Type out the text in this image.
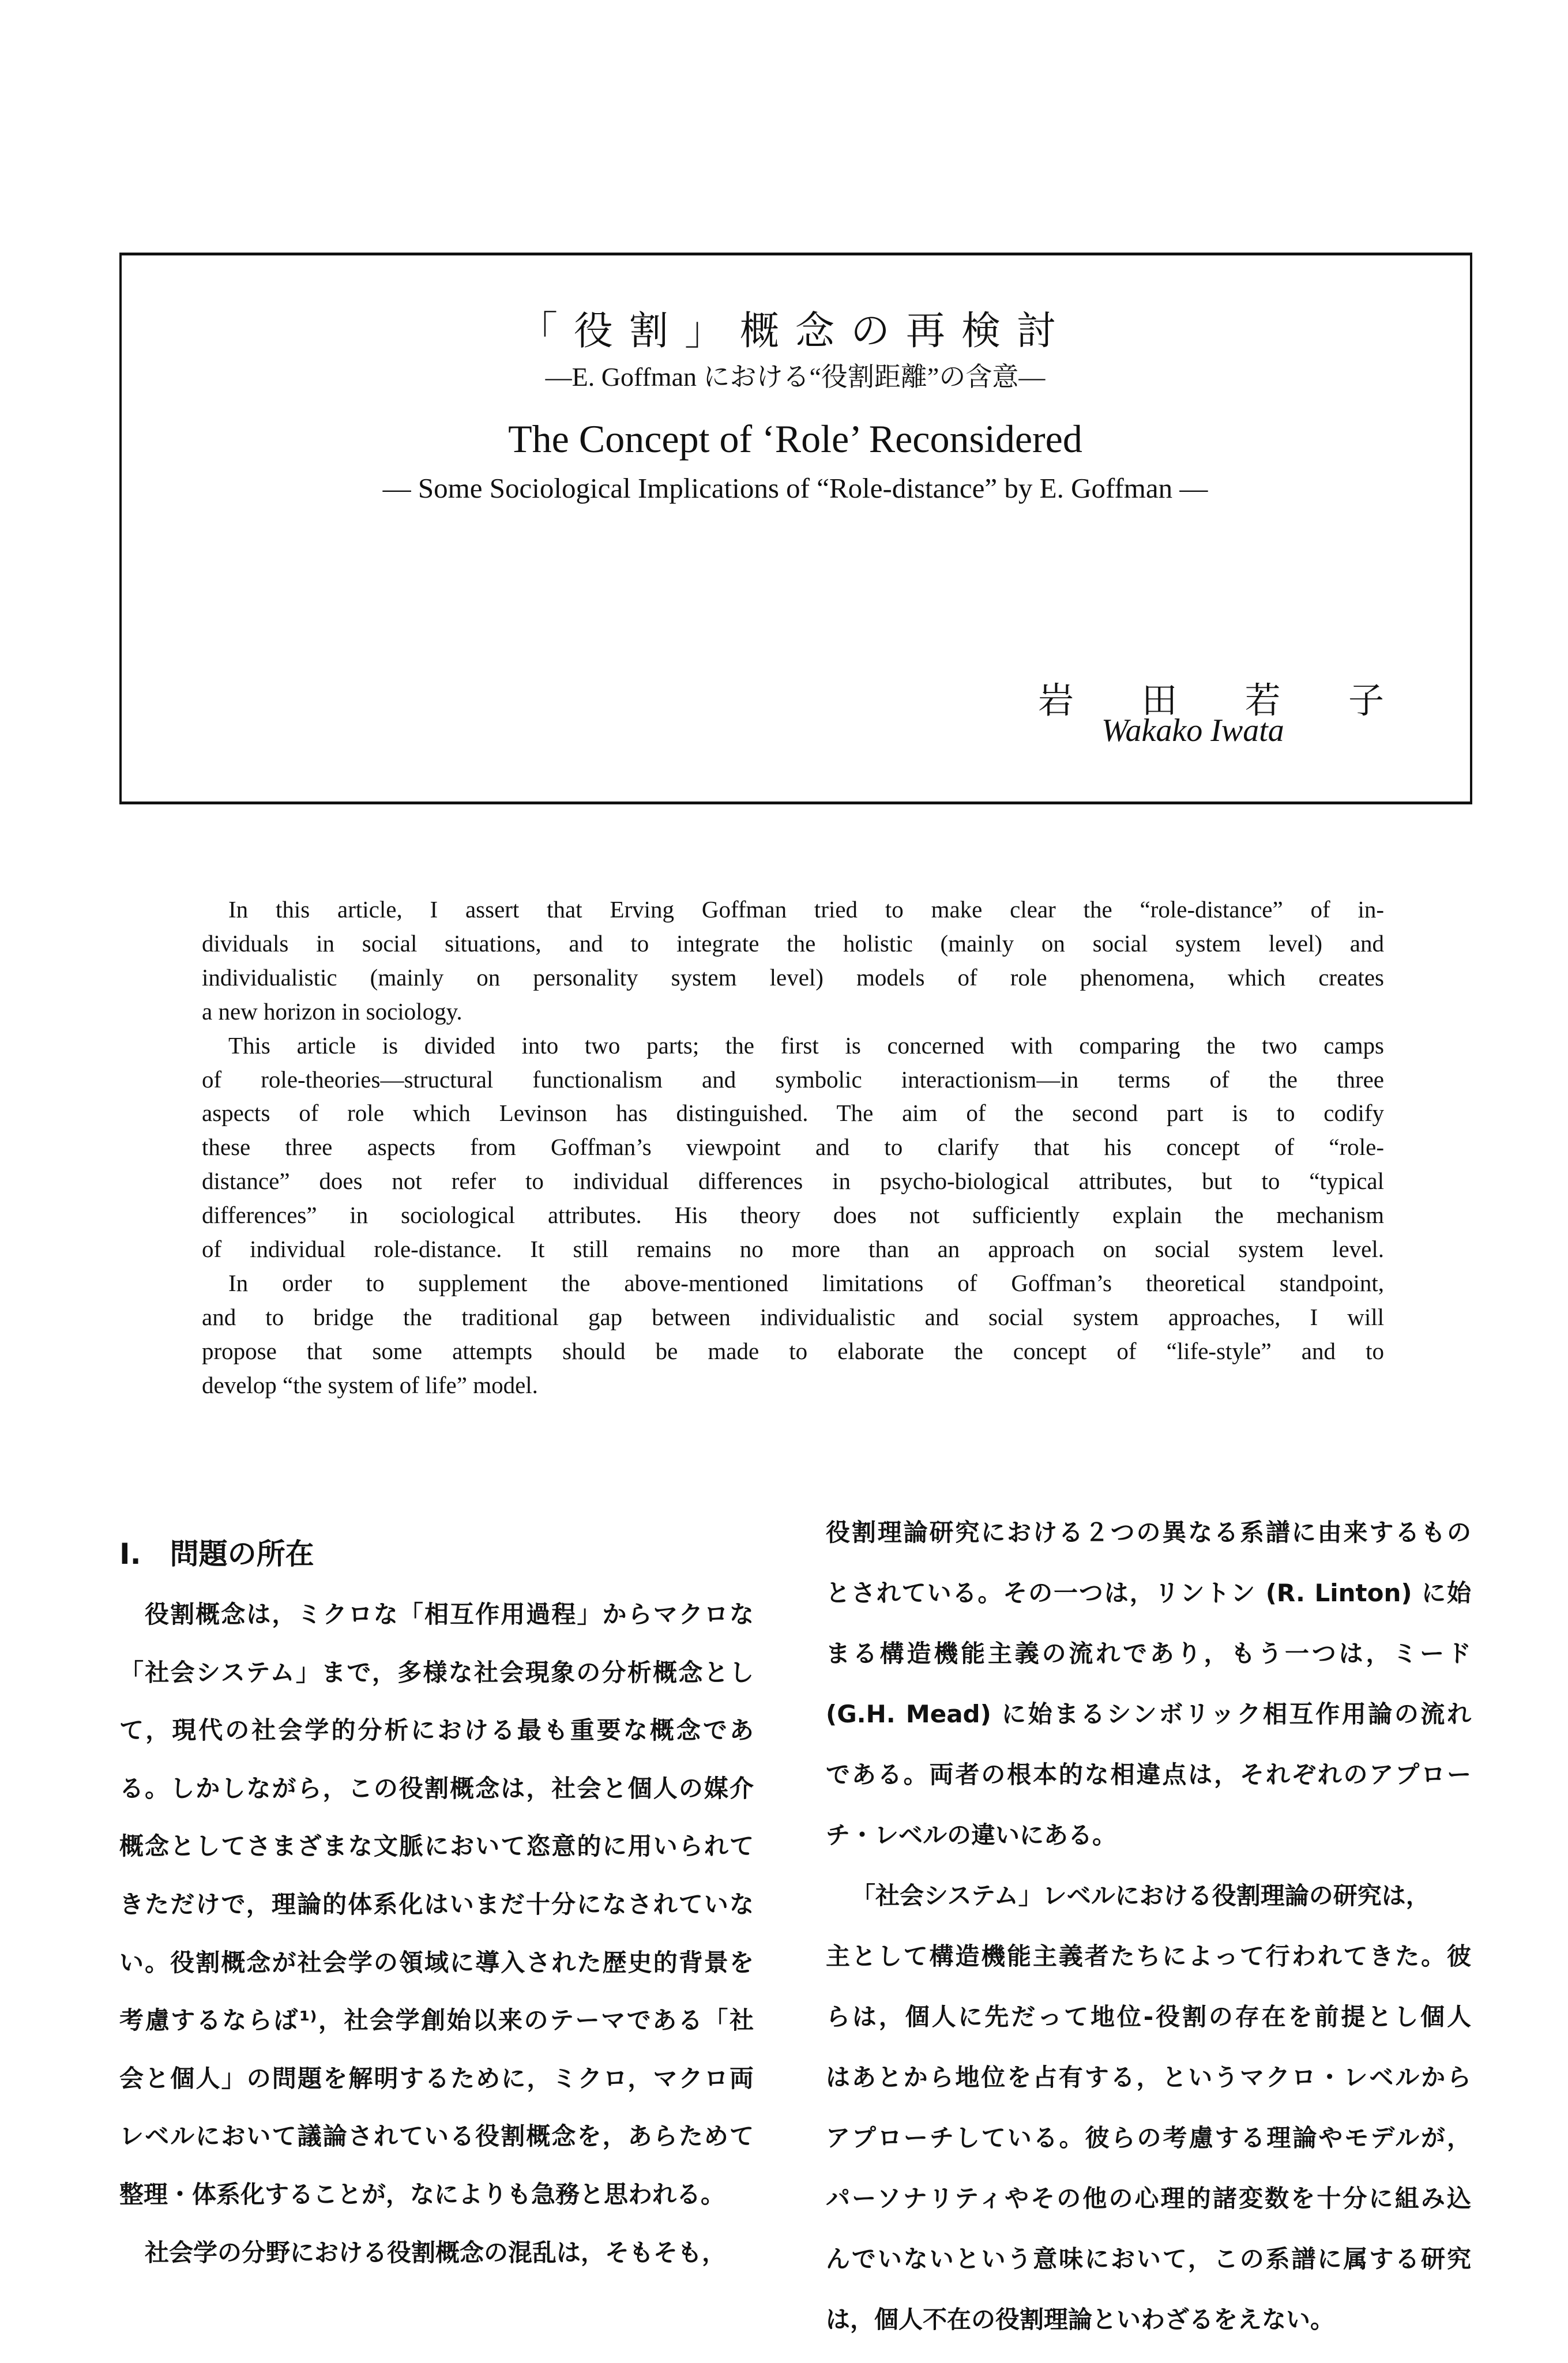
「役割」概念の再検討
—E. Goffman における“役割距離”の含意—
The Concept of ‘Role’ Reconsidered
— Some Sociological Implications of “Role-distance” by E. Goffman —
岩 田 若 子
Wakako Iwata
In this article, I assert that Erving Goffman tried to make clear the “role-distance” of in-
dividuals in social situations, and to integrate the holistic (mainly on social system level) and
individualistic (mainly on personality system level) models of role phenomena, which creates
a new horizon in sociology.
This article is divided into two parts; the first is concerned with comparing the two camps
of role-theories—structural functionalism and symbolic interactionism—in terms of the three
aspects of role which Levinson has distinguished. The aim of the second part is to codify
these three aspects from Goffman’s viewpoint and to clarify that his concept of “role-
distance” does not refer to individual differences in psycho-biological attributes, but to “typical
differences” in sociological attributes. His theory does not sufficiently explain the mechanism
of individual role-distance. It still remains no more than an approach on social system level.
In order to supplement the above-mentioned limitations of Goffman’s theoretical standpoint,
and to bridge the traditional gap between individualistic and social system approaches, I will
propose that some attempts should be made to elaborate the concept of “life-style” and to
develop “the system of life” model.
I.　問題の所在
役割概念は，ミクロな「相互作用過程」からマクロな
「社会システム」まで，多様な社会現象の分析概念とし
て，現代の社会学的分析における最も重要な概念であ
る。しかしながら，この役割概念は，社会と個人の媒介
概念としてさまざまな文脈において恣意的に用いられて
きただけで，理論的体系化はいまだ十分になされていな
い。役割概念が社会学の領域に導入された歴史的背景を
考慮するならば¹⁾，社会学創始以来のテーマである「社
会と個人」の問題を解明するために，ミクロ，マクロ両
レベルにおいて議論されている役割概念を，あらためて
整理・体系化することが，なによりも急務と思われる。
社会学の分野における役割概念の混乱は，そもそも，
役割理論研究における２つの異なる系譜に由来するもの
とされている。その一つは，リントン (R. Linton) に始
まる構造機能主義の流れであり，もう一つは，ミード
(G.H. Mead) に始まるシンボリック相互作用論の流れ
である。両者の根本的な相違点は，それぞれのアプロー
チ・レベルの違いにある。
「社会システム」レベルにおける役割理論の研究は，
主として構造機能主義者たちによって行われてきた。彼
らは，個人に先だって地位-役割の存在を前提とし個人
はあとから地位を占有する，というマクロ・レベルから
アプローチしている。彼らの考慮する理論やモデルが，
パーソナリティやその他の心理的諸変数を十分に組み込
んでいないという意味において，この系譜に属する研究
は，個人不在の役割理論といわざるをえない。
